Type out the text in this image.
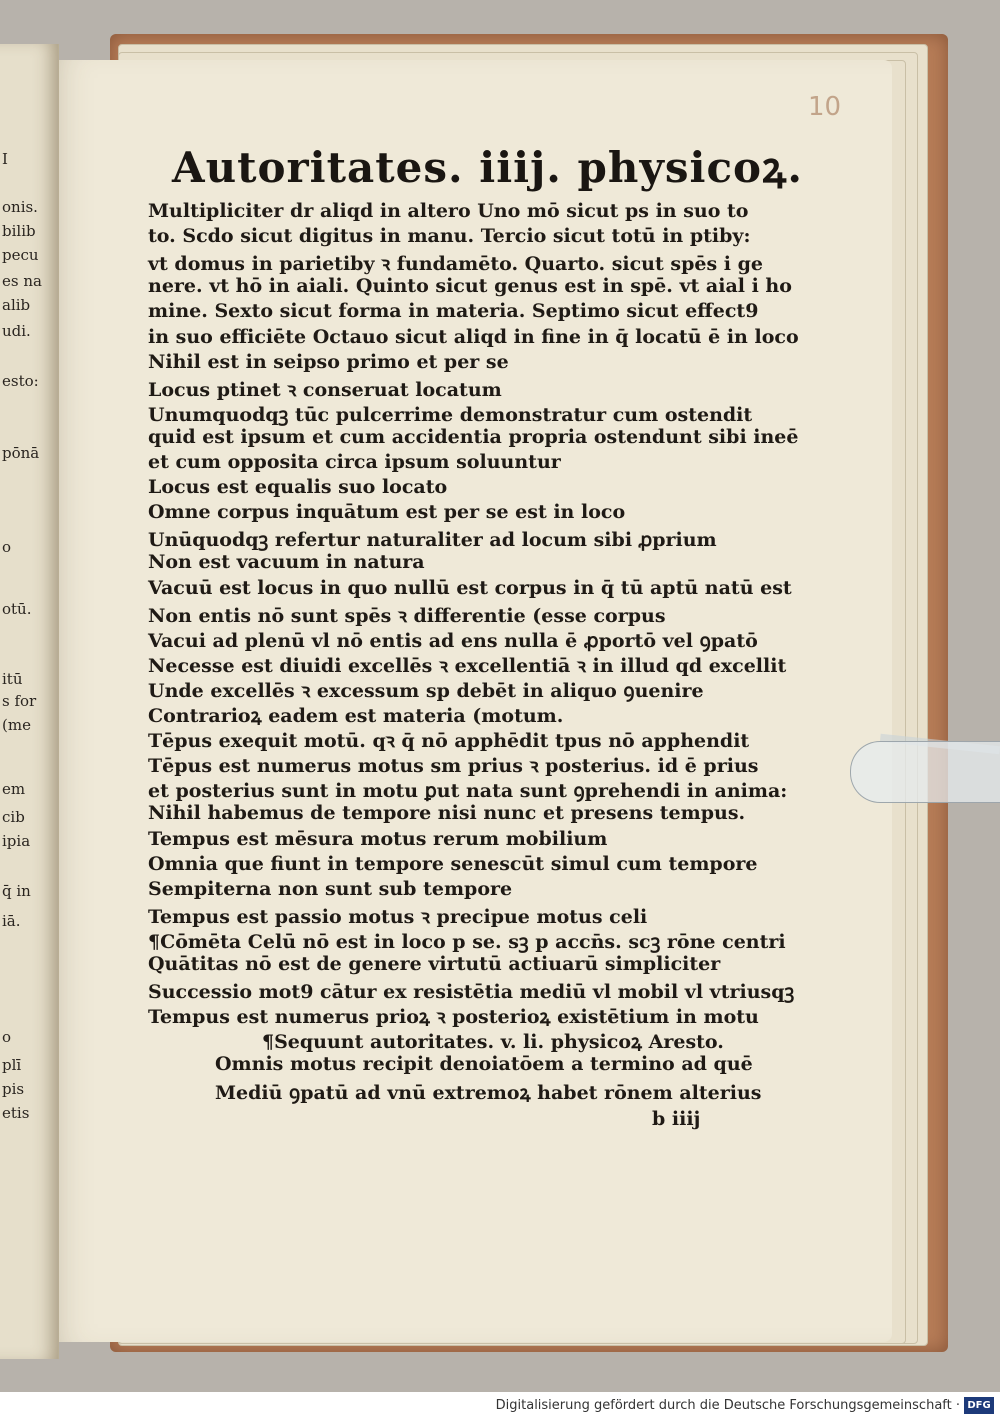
I
onis.
bilib
pecu
es na
alib
udi.
esto:
pōnā
o
otū.
itū
s for
(me
em
cib
ipia
q̄ in
iā.
o
plī
pis
etis
10
Autoritates. iiij. physicoꝝ.
Multipliciter dr aliqd in altero Uno mō sicut ps in suo to
to. Scdo sicut digitus in manu. Tercio sicut totū in ptiby:
vt domus in parietiby ꝛ fundamēto. Quarto. sicut spēs i ge
nere. vt hō in aiali. Quinto sicut genus est in spē. vt aial i ho
mine. Sexto sicut forma in materia. Septimo sicut effect9
in suo efficiēte Octauo sicut aliqd in fine in q̄ locatū ē in loco
Nihil est in seipso primo et per se
Locus ptinet ꝛ conseruat locatum
Unumquodqꝫ tūc pulcerrime demonstratur cum ostendit
quid est ipsum et cum accidentia propria ostendunt sibi ineē
et cum opposita circa ipsum soluuntur
Locus est equalis suo locato
Omne corpus inquātum est per se est in loco
Unūquodqꝫ refertur naturaliter ad locum sibi ꝓprium
Non est vacuum in natura
Vacuū est locus in quo nullū est corpus in q̄ tū aptū natū est
Non entis nō sunt spēs ꝛ differentie (esse corpus
Vacui ad plenū vl nō entis ad ens nulla ē ꝓportō vel ꝯpatō
Necesse est diuidi excellēs ꝛ excellentiā ꝛ in illud qd excellit
Unde excellēs ꝛ excessum sp debēt in aliquo ꝯuenire
Contrarioꝝ eadem est materia (motum.
Tēpus exequit motū. qꝛ q̄ nō apphēdit tpus nō apphendit
Tēpus est numerus motus sm prius ꝛ posterius. id ē prius
et posterius sunt in motu ꝑut nata sunt ꝯprehendi in anima:
Nihil habemus de tempore nisi nunc et presens tempus.
Tempus est mēsura motus rerum mobilium
Omnia que fiunt in tempore senescūt simul cum tempore
Sempiterna non sunt sub tempore
Tempus est passio motus ꝛ precipue motus celi
¶Cōmēta Celū nō est in loco p se. sꝫ p accn̄s. scꝫ rōne centri
Quātitas nō est de genere virtutū actiuarū simpliciter
Successio mot9 cātur ex resistētia mediū vl mobil vl vtriusqꝫ
Tempus est numerus prioꝝ ꝛ posterioꝝ existētium in motu
¶Sequunt autoritates. v. li. physicoꝝ Aresto.
Omnis motus recipit denoiatōem a termino ad quē
Mediū ꝯpatū ad vnū extremoꝝ habet rōnem alterius
b iiij
Digitalisierung gefördert durch die Deutsche Forschungsgemeinschaft · DFG
